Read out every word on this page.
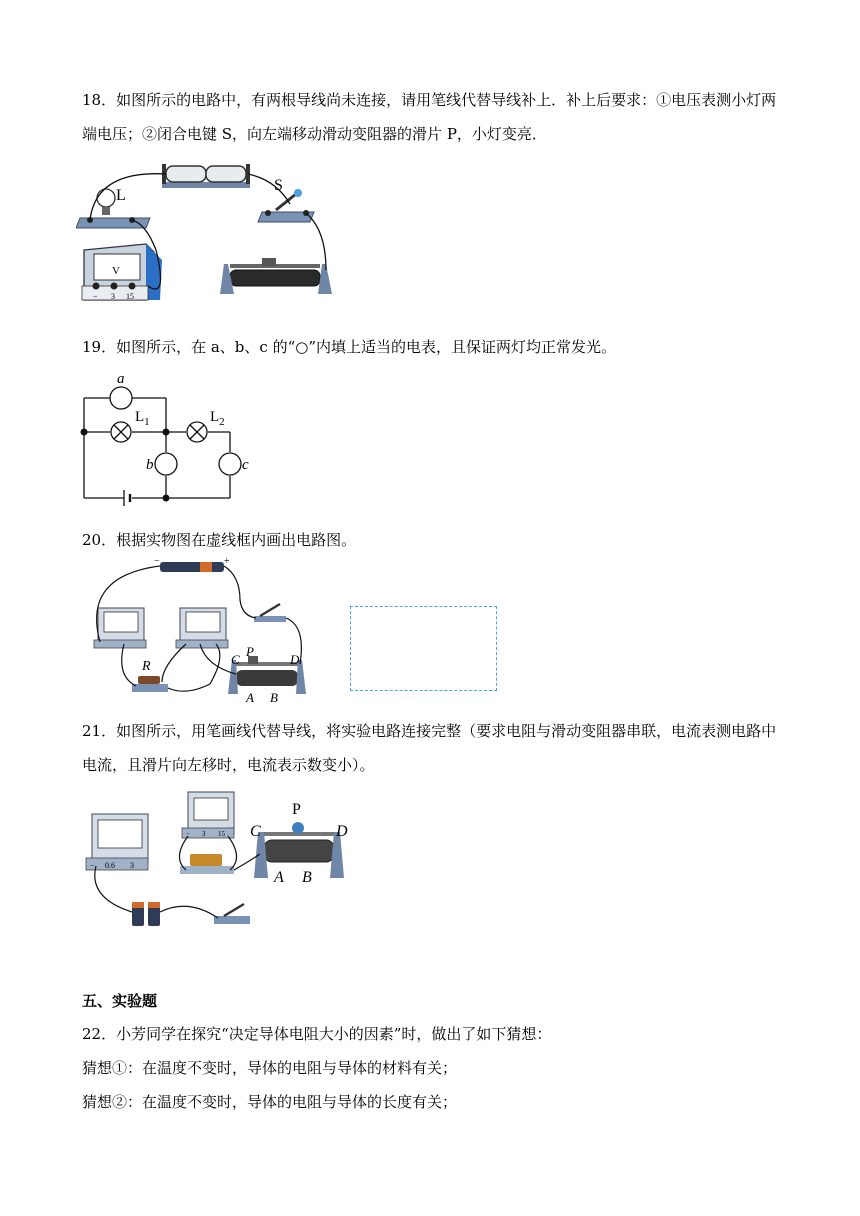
18．如图所示的电路中，有两根导线尚未连接，请用笔线代替导线补上．补上后要求：①电压表测小灯两
端电压；②闭合电键 S，向左端移动滑动变阻器的滑片 P，小灯变亮．
L
S
V
− 3 15
19．如图所示，在 a、b、c 的“○”内填上适当的电表，且保证两灯均正常发光。
a
b	c
$L_1$	$L_2$
20．根据实物图在虚线框内画出电路图。
−	+
R	C
P
D
A B
21．如图所示，用笔画线代替导线，将实验电路连接完整（要求电阻与滑动变阻器串联，电流表测电路中
电流，且滑片向左移时，电流表示数变小）。
− 0.6 3
− 3 15 C
P
D
A B
五、实验题
22．小芳同学在探究“决定导体电阻大小的因素”时，做出了如下猜想：
猜想①：在温度不变时，导体的电阻与导体的材料有关；
猜想②：在温度不变时，导体的电阻与导体的长度有关；
